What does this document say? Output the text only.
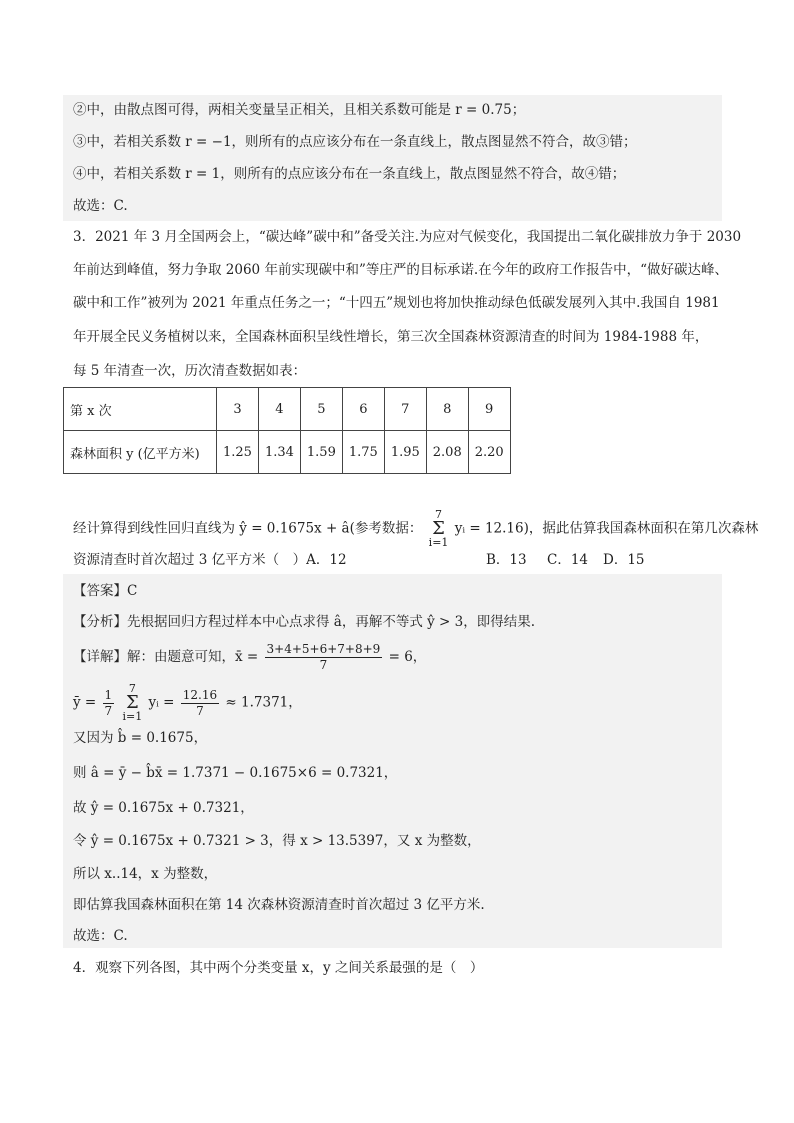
②中，由散点图可得，两相关变量呈正相关，且相关系数可能是 r = 0.75；
③中，若相关系数 r = −1，则所有的点应该分布在一条直线上，散点图显然不符合，故③错；
④中，若相关系数 r = 1，则所有的点应该分布在一条直线上，散点图显然不符合，故④错；
故选：C.
3．2021 年 3 月全国两会上，“碳达峰”碳中和”备受关注.为应对气候变化，我国提出二氧化碳排放力争于 2030
年前达到峰值，努力争取 2060 年前实现碳中和”等庄严的目标承诺.在今年的政府工作报告中，“做好碳达峰、
碳中和工作”被列为 2021 年重点任务之一；“十四五”规划也将加快推动绿色低碳发展列入其中.我国自 1981
年开展全民义务植树以来，全国森林面积呈线性增长，第三次全国森林资源清查的时间为 1984-1988 年，
每 5 年清查一次，历次清查数据如表：
第 x 次	3	4	5	6	7	8	9
森林面积 y (亿平方米)	1.25	1.34	1.59	1.75	1.95	2.08	2.20
经计算得到线性回归直线为 ŷ = 0.1675x + â(参考数据： 7
Σ
i=1 yᵢ = 12.16)，据此估算我国森林面积在第几次森林
资源清查时首次超过 3 亿平方米（　）A．12	B．13 C．14 D．15
【答案】C
【分析】先根据回归方程过样本中心点求得 â，再解不等式 ŷ > 3，即得结果.
【详解】解：由题意可知，x̄ = $\frac{3+4+5+6+7+8+9}{7} = 6$，
ȳ = $\frac{1}{7} 7$
Σ
i=1 yᵢ = $\frac{12.16}{7} \approx 1.7371$，
又因为 b̂ = 0.1675，
则 â = ȳ − b̂x̄ = 1.7371 − 0.1675×6 = 0.7321，
故 ŷ = 0.1675x + 0.7321，
令 ŷ = 0.1675x + 0.7321 > 3，得 x > 13.5397，又 x 为整数，
所以 x..14，x 为整数，
即估算我国森林面积在第 14 次森林资源清查时首次超过 3 亿平方米.
故选：C.
4．观察下列各图，其中两个分类变量 x，y 之间关系最强的是（　）
